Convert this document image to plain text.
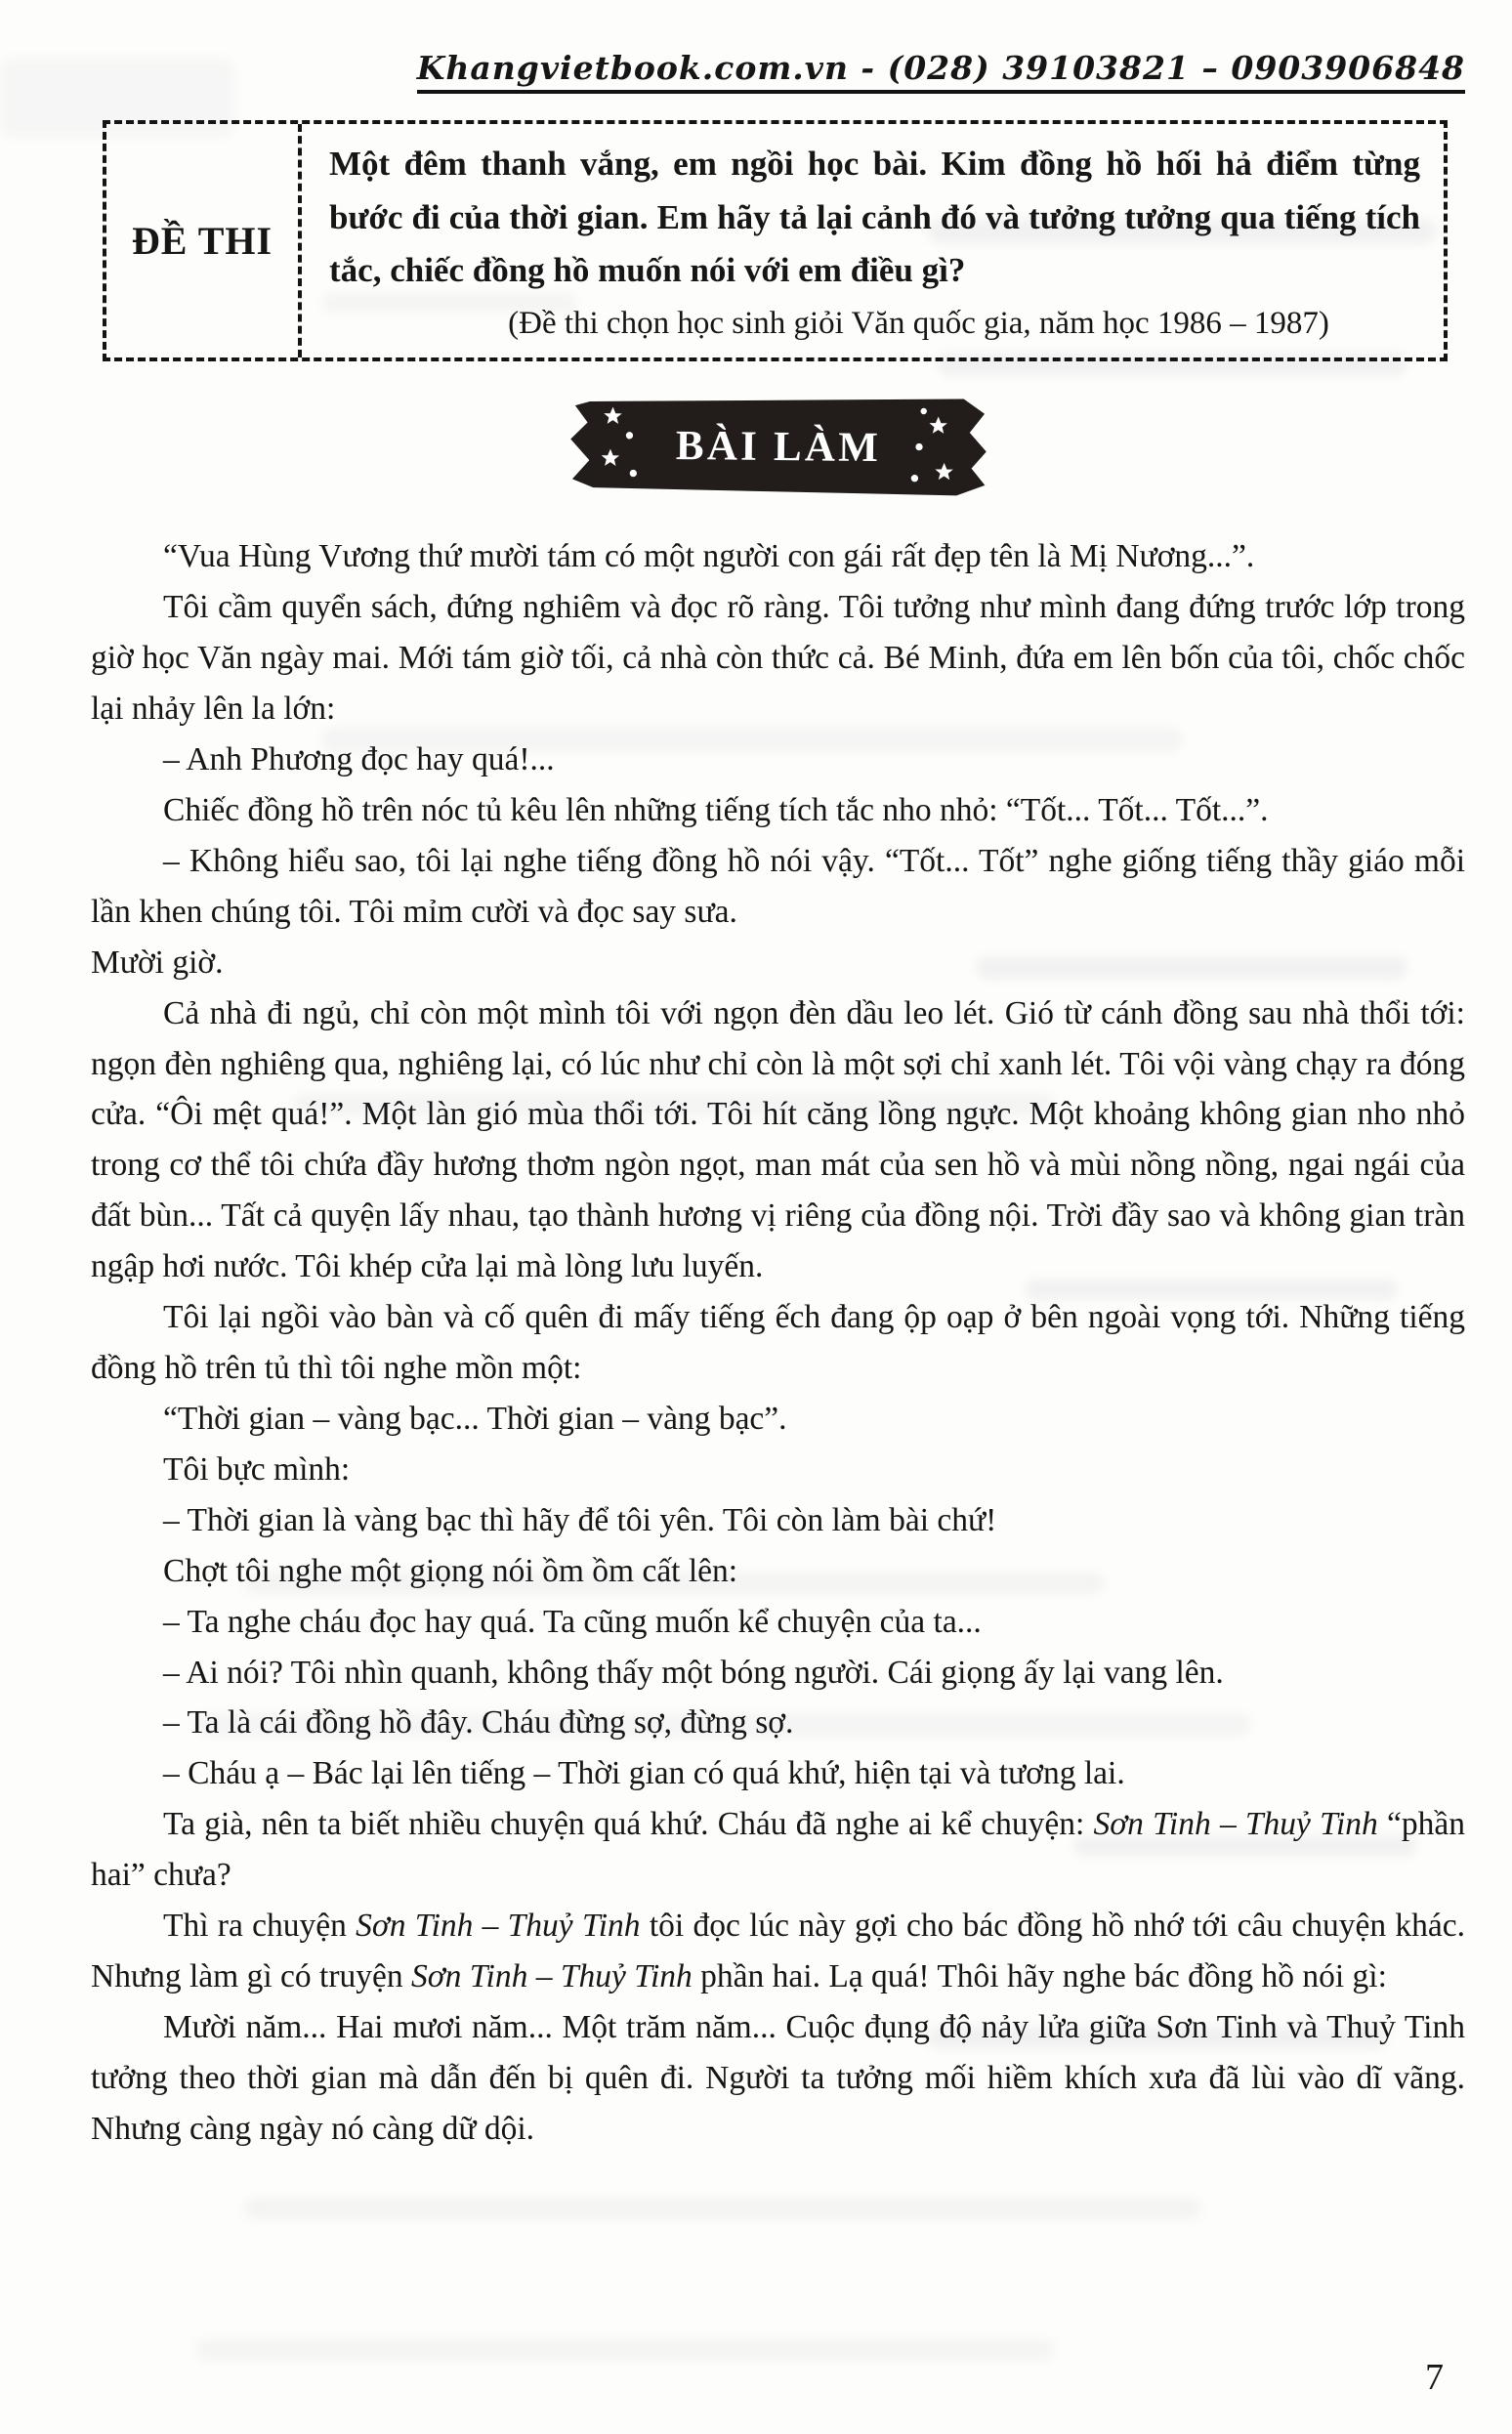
Khangvietbook.com.vn - (028) 39103821 – 0903906848
ĐỀ THI
Một đêm thanh vắng, em ngồi học bài. Kim đồng hồ hối hả điểm từng bước đi của thời gian. Em hãy tả lại cảnh đó và tưởng tưởng qua tiếng tích tắc, chiếc đồng hồ muốn nói với em điều gì?
(Đề thi chọn học sinh giỏi Văn quốc gia, năm học 1986 – 1987)
BÀI LÀM

“Vua Hùng Vương thứ mười tám có một người con gái rất đẹp tên là Mị Nương...”.

Tôi cầm quyển sách, đứng nghiêm và đọc rõ ràng. Tôi tưởng như mình đang đứng trước lớp trong giờ học Văn ngày mai. Mới tám giờ tối, cả nhà còn thức cả. Bé Minh, đứa em lên bốn của tôi, chốc chốc lại nhảy lên la lớn:

– Anh Phương đọc hay quá!...

Chiếc đồng hồ trên nóc tủ kêu lên những tiếng tích tắc nho nhỏ: “Tốt... Tốt... Tốt...”.

– Không hiểu sao, tôi lại nghe tiếng đồng hồ nói vậy. “Tốt... Tốt” nghe giống tiếng thầy giáo mỗi lần khen chúng tôi. Tôi mỉm cười và đọc say sưa.

Mười giờ.

Cả nhà đi ngủ, chỉ còn một mình tôi với ngọn đèn dầu leo lét. Gió từ cánh đồng sau nhà thổi tới: ngọn đèn nghiêng qua, nghiêng lại, có lúc như chỉ còn là một sợi chỉ xanh lét. Tôi vội vàng chạy ra đóng cửa. “Ôi mệt quá!”. Một làn gió mùa thổi tới. Tôi hít căng lồng ngực. Một khoảng không gian nho nhỏ trong cơ thể tôi chứa đầy hương thơm ngòn ngọt, man mát của sen hồ và mùi nồng nồng, ngai ngái của đất bùn... Tất cả quyện lấy nhau, tạo thành hương vị riêng của đồng nội. Trời đầy sao và không gian tràn ngập hơi nước. Tôi khép cửa lại mà lòng lưu luyến.

Tôi lại ngồi vào bàn và cố quên đi mấy tiếng ếch đang ộp oạp ở bên ngoài vọng tới. Những tiếng đồng hồ trên tủ thì tôi nghe mồn một:

“Thời gian – vàng bạc... Thời gian – vàng bạc”.

Tôi bực mình:

– Thời gian là vàng bạc thì hãy để tôi yên. Tôi còn làm bài chứ!

Chợt tôi nghe một giọng nói ồm ồm cất lên:

– Ta nghe cháu đọc hay quá. Ta cũng muốn kể chuyện của ta...

– Ai nói? Tôi nhìn quanh, không thấy một bóng người. Cái giọng ấy lại vang lên.

– Ta là cái đồng hồ đây. Cháu đừng sợ, đừng sợ.

– Cháu ạ – Bác lại lên tiếng – Thời gian có quá khứ, hiện tại và tương lai.

Ta già, nên ta biết nhiều chuyện quá khứ. Cháu đã nghe ai kể chuyện: Sơn Tinh – Thuỷ Tinh “phần hai” chưa?

Thì ra chuyện Sơn Tinh – Thuỷ Tinh tôi đọc lúc này gợi cho bác đồng hồ nhớ tới câu chuyện khác. Nhưng làm gì có truyện Sơn Tinh – Thuỷ Tinh phần hai. Lạ quá! Thôi hãy nghe bác đồng hồ nói gì:

Mười năm... Hai mươi năm... Một trăm năm... Cuộc đụng độ nảy lửa giữa Sơn Tinh và Thuỷ Tinh tưởng theo thời gian mà dẫn đến bị quên đi. Người ta tưởng mối hiềm khích xưa đã lùi vào dĩ vãng. Nhưng càng ngày nó càng dữ dội.

7
